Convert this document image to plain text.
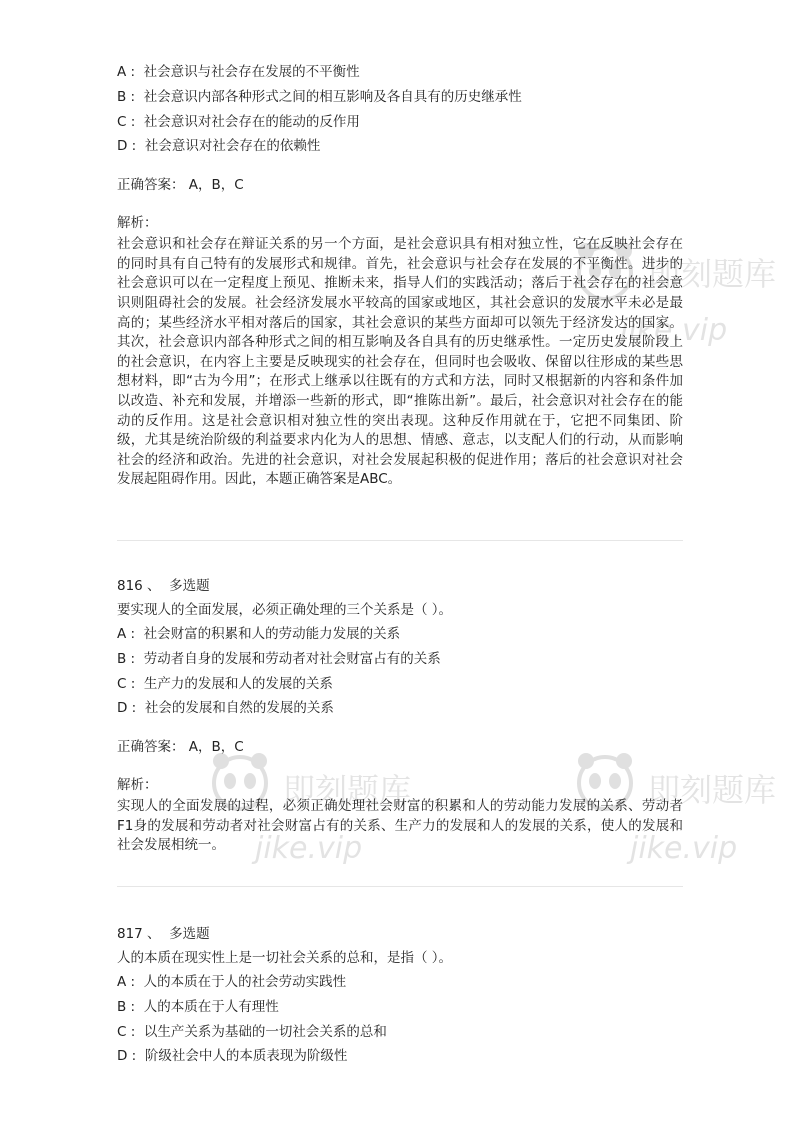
即刻题库
jike.vip
即刻题库
jike.vip
即刻题库
jike.vip
A : 社会意识与社会存在发展的不平衡性
B : 社会意识内部各种形式之间的相互影响及各自具有的历史继承性
C : 社会意识对社会存在的能动的反作用
D : 社会意识对社会存在的依赖性
正确答案： A，B，C
解析：
社会意识和社会存在辩证关系的另一个方面，是社会意识具有相对独立性，它在反映社会存在的同时具有自己特有的发展形式和规律。首先，社会意识与社会存在发展的不平衡性。进步的社会意识可以在一定程度上预见、推断未来，指导人们的实践活动；落后于社会存在的社会意识则阻碍社会的发展。社会经济发展水平较高的国家或地区，其社会意识的发展水平未必是最高的；某些经济水平相对落后的国家，其社会意识的某些方面却可以领先于经济发达的国家。其次，社会意识内部各种形式之间的相互影响及各自具有的历史继承性。一定历史发展阶段上的社会意识，在内容上主要是反映现实的社会存在，但同时也会吸收、保留以往形成的某些思想材料，即“古为今用”；在形式上继承以往既有的方式和方法，同时又根据新的内容和条件加以改造、补充和发展，并增添一些新的形式，即“推陈出新”。最后，社会意识对社会存在的能动的反作用。这是社会意识相对独立性的突出表现。这种反作用就在于，它把不同集团、阶级，尤其是统治阶级的利益要求内化为人的思想、情感、意志，以支配人们的行动，从而影响社会的经济和政治。先进的社会意识，对社会发展起积极的促进作用；落后的社会意识对社会发展起阻碍作用。因此，本题正确答案是ABC。
816 、 多选题
要实现人的全面发展，必须正确处理的三个关系是（ ）。
A : 社会财富的积累和人的劳动能力发展的关系
B : 劳动者自身的发展和劳动者对社会财富占有的关系
C : 生产力的发展和人的发展的关系
D : 社会的发展和自然的发展的关系
正确答案： A，B，C
解析：
实现人的全面发展的过程，必须正确处理社会财富的积累和人的劳动能力发展的关系、劳动者F1身的发展和劳动者对社会财富占有的关系、生产力的发展和人的发展的关系，使人的发展和社会发展相统一。
817 、 多选题
人的本质在现实性上是一切社会关系的总和，是指（ ）。
A : 人的本质在于人的社会劳动实践性
B : 人的本质在于人有理性
C : 以生产关系为基础的一切社会关系的总和
D : 阶级社会中人的本质表现为阶级性
